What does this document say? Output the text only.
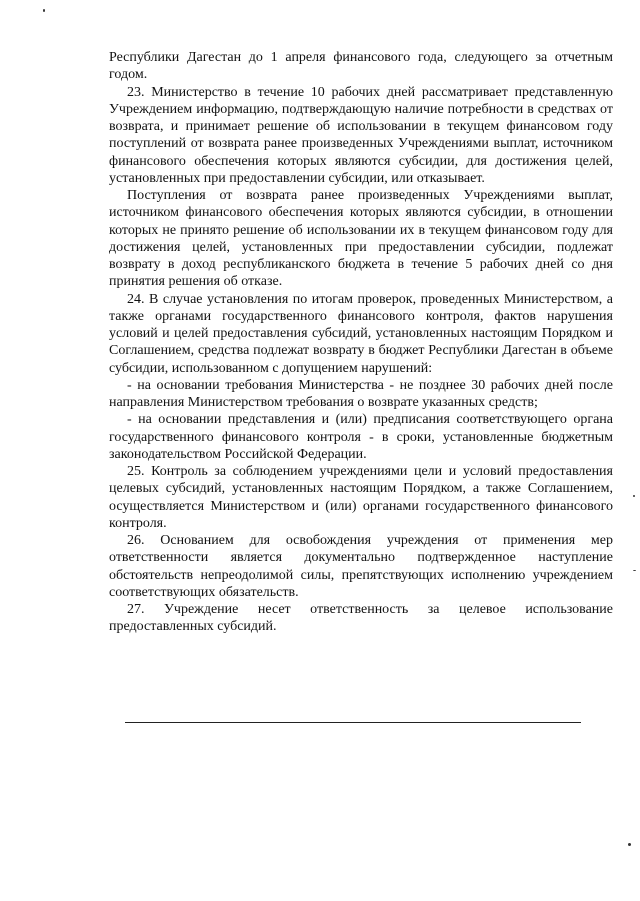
Республики Дагестан до 1 апреля финансового года, следующего за отчетным годом.

23. Министерство в течение 10 рабочих дней рассматривает представленную Учреждением информацию, подтверждающую наличие потребности в средствах от возврата, и принимает решение об использовании в текущем финансовом году поступлений от возврата ранее произведенных Учреждениями выплат, источником финансового обеспечения которых являются субсидии, для достижения целей, установленных при предоставлении субсидии, или отказывает.

Поступления от возврата ранее произведенных Учреждениями выплат, источником финансового обеспечения которых являются субсидии, в отношении которых не принято решение об использовании их в текущем финансовом году для достижения целей, установленных при предоставлении субсидии, подлежат возврату в доход республиканского бюджета в течение 5 рабочих дней со дня принятия решения об отказе.

24. В случае установления по итогам проверок, проведенных Министерством, а также органами государственного финансового контроля, фактов нарушения условий и целей предоставления субсидий, установленных настоящим Порядком и Соглашением, средства подлежат возврату в бюджет Республики Дагестан в объеме субсидии, использованном с допущением нарушений:

- на основании требования Министерства - не позднее 30 рабочих дней после направления Министерством требования о возврате указанных средств;

- на основании представления и (или) предписания соответствующего органа государственного финансового контроля - в сроки, установленные бюджетным законодательством Российской Федерации.

25. Контроль за соблюдением учреждениями цели и условий предоставления целевых субсидий, установленных настоящим Порядком, а также Соглашением, осуществляется Министерством и (или) органами государственного финансового контроля.

26. Основанием для освобождения учреждения от применения мер ответственности является документально подтвержденное наступление обстоятельств непреодолимой силы, препятствующих исполнению учреждением соответствующих обязательств.

27. Учреждение несет ответственность за целевое использование предоставленных субсидий.
